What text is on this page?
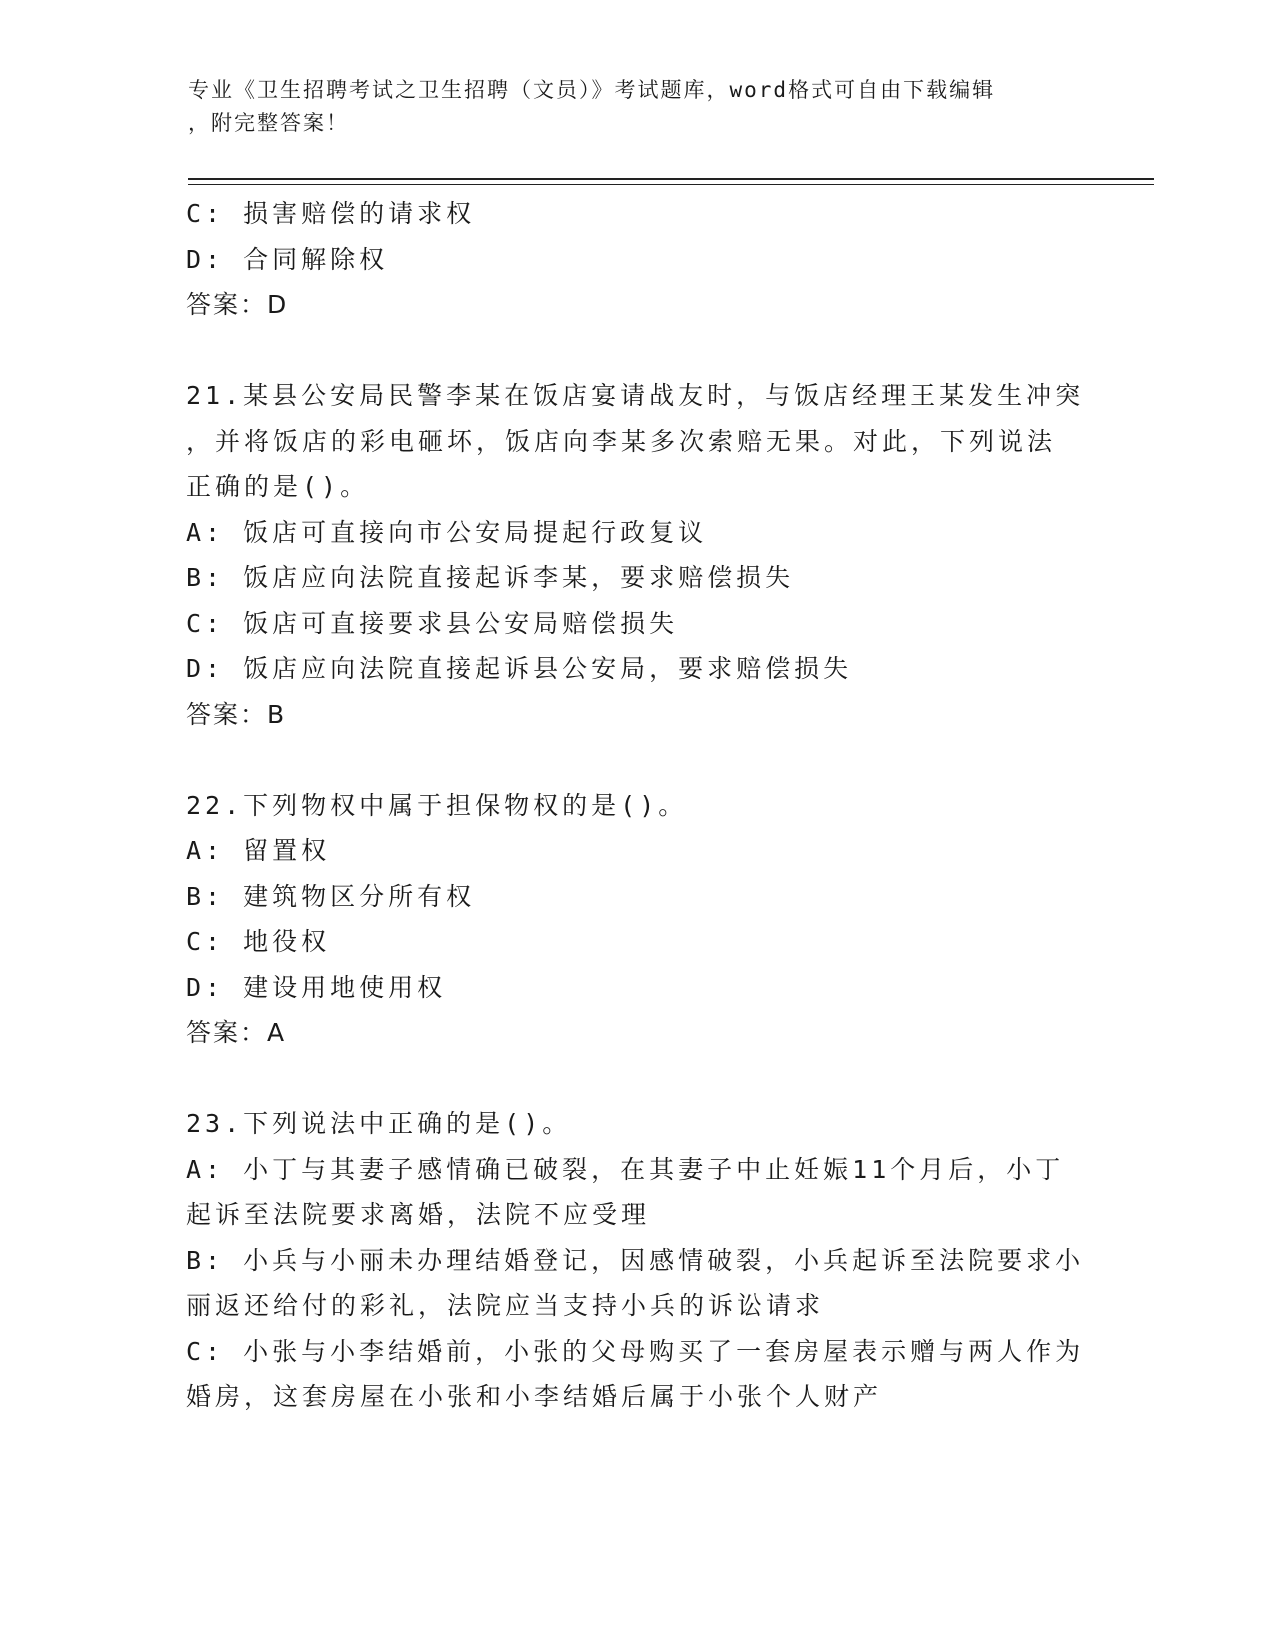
专业《卫生招聘考试之卫生招聘（文员）》考试题库，word格式可自由下载编辑
，附完整答案！
C: 损害赔偿的请求权
D: 合同解除权
答案：D
21.某县公安局民警李某在饭店宴请战友时，与饭店经理王某发生冲突
，并将饭店的彩电砸坏，饭店向李某多次索赔无果。对此，下列说法
正确的是()。
A: 饭店可直接向市公安局提起行政复议
B: 饭店应向法院直接起诉李某，要求赔偿损失
C: 饭店可直接要求县公安局赔偿损失
D: 饭店应向法院直接起诉县公安局，要求赔偿损失
答案：B
22.下列物权中属于担保物权的是()。
A: 留置权
B: 建筑物区分所有权
C: 地役权
D: 建设用地使用权
答案：A
23.下列说法中正确的是()。
A: 小丁与其妻子感情确已破裂，在其妻子中止妊娠11个月后，小丁
起诉至法院要求离婚，法院不应受理
B: 小兵与小丽未办理结婚登记，因感情破裂，小兵起诉至法院要求小
丽返还给付的彩礼，法院应当支持小兵的诉讼请求
C: 小张与小李结婚前，小张的父母购买了一套房屋表示赠与两人作为
婚房，这套房屋在小张和小李结婚后属于小张个人财产
